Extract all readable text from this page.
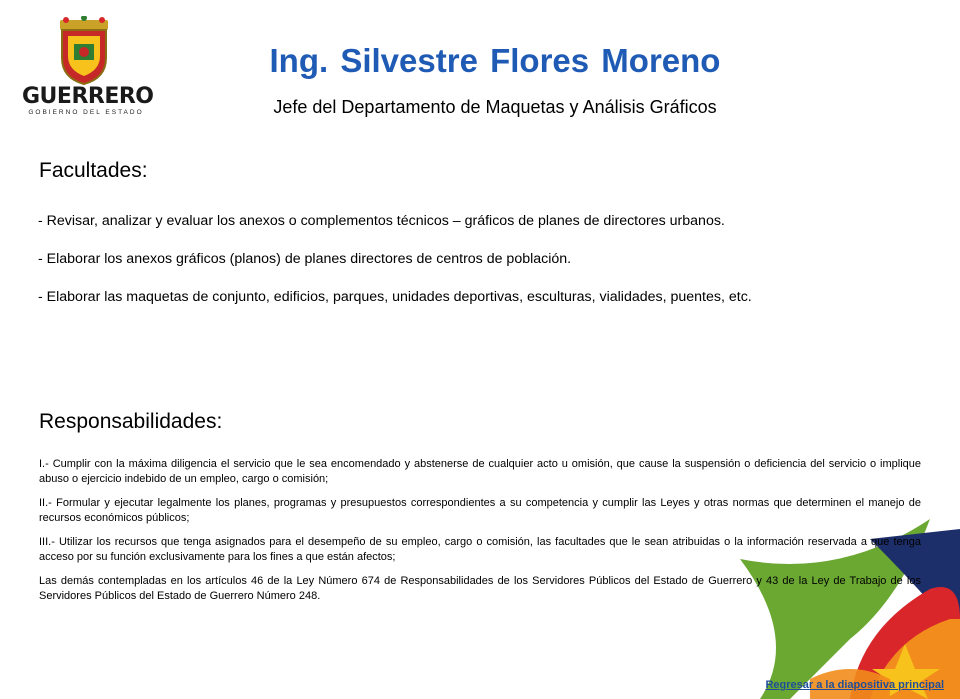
GUERRERO
GOBIERNO DEL ESTADO
Ing. Silvestre Flores Moreno
Jefe del Departamento de Maquetas y Análisis Gráficos
Facultades:
- Revisar, analizar y evaluar los anexos o complementos técnicos – gráficos de planes de directores urbanos.
- Elaborar los anexos gráficos (planos) de planes directores de centros de población.
- Elaborar las maquetas de conjunto, edificios, parques, unidades deportivas, esculturas, vialidades, puentes, etc.
Responsabilidades:

I.- Cumplir con la máxima diligencia el servicio que le sea encomendado y abstenerse de cualquier acto u omisión, que cause la suspensión o deficiencia del servicio o implique abuso o ejercicio indebido de un empleo, cargo o comisión;

II.- Formular y ejecutar legalmente los planes, programas y presupuestos correspondientes a su competencia y cumplir las Leyes y otras normas que determinen el manejo de recursos económicos públicos;

III.- Utilizar los recursos que tenga asignados para el desempeño de su empleo, cargo o comisión, las facultades que le sean atribuidas o la información reservada a que tenga acceso por su función exclusivamente para los fines a que están afectos;

Las demás contempladas en los artículos 46 de la Ley Número 674 de Responsabilidades de los Servidores Públicos del Estado de Guerrero y 43 de la Ley de Trabajo de los Servidores Públicos del Estado de Guerrero Número 248.

Regresar a la diapositiva principal
